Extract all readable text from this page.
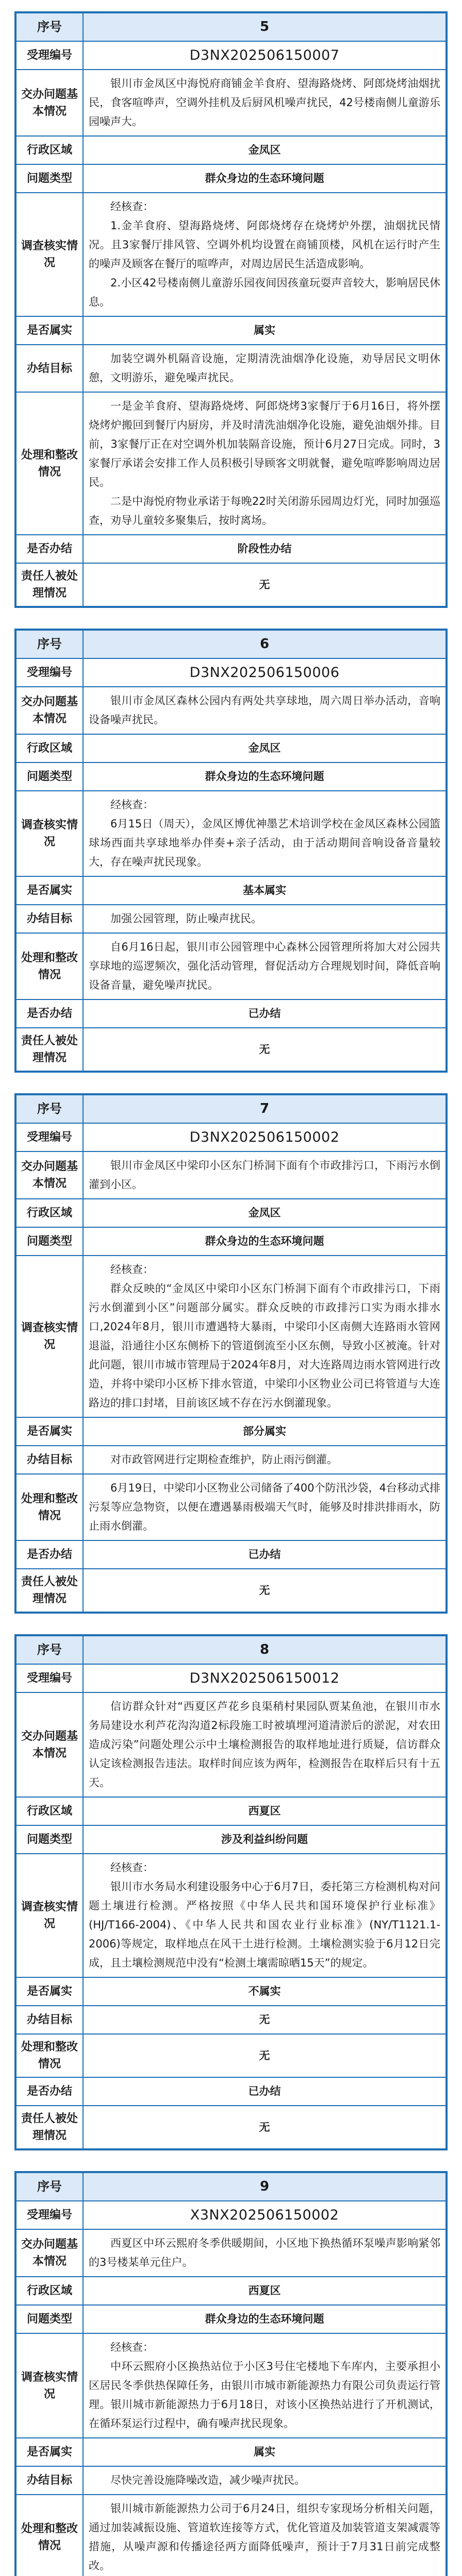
序号	5
受理编号	D3NX202506150007
交办问题基本情况	银川市金凤区中海悦府商铺金羊食府、望海路烧烤、阿郎烧烤油烟扰民，食客喧哗声，空调外挂机及后厨风机噪声扰民，42号楼南侧儿童游乐园噪声大。
行政区域	金凤区
问题类型	群众身边的生态环境问题
调查核实情况	经核查：

1.金羊食府、望海路烧烤、阿郎烧烤存在烧烤炉外摆，油烟扰民情况。且3家餐厅排风管、空调外机均设置在商铺顶楼，风机在运行时产生的噪声及顾客在餐厅的喧哗声，对周边居民生活造成影响。

2.小区42号楼南侧儿童游乐园夜间因孩童玩耍声音较大，影响居民休息。

是否属实	属实
办结目标	加装空调外机隔音设施，定期清洗油烟净化设施，劝导居民文明休憩，文明游乐，避免噪声扰民。
处理和整改情况	一是金羊食府、望海路烧烤、阿郎烧烤3家餐厅于6月16日，将外摆烧烤炉搬回到餐厅内厨房，并及时清洗油烟净化设施，避免油烟外排。目前，3家餐厅正在对空调外机加装隔音设施，预计6月27日完成。同时，3家餐厅承诺会安排工作人员积极引导顾客文明就餐，避免喧哗影响周边居民。

二是中海悦府物业承诺于每晚22时关闭游乐园周边灯光，同时加强巡查，劝导儿童较多聚集后，按时离场。

是否办结	阶段性办结
责任人被处理情况	无
序号	6
受理编号	D3NX202506150006
交办问题基本情况	银川市金凤区森林公园内有两处共享球地，周六周日举办活动，音响设备噪声扰民。
行政区域	金凤区
问题类型	群众身边的生态环境问题
调查核实情况	经核查：

6月15日（周天），金凤区博优神墨艺术培训学校在金凤区森林公园篮球场西面共享球地举办伴奏+亲子活动，由于活动期间音响设备音量较大，存在噪声扰民现象。

是否属实	基本属实
办结目标	加强公园管理，防止噪声扰民。
处理和整改情况	自6月16日起，银川市公园管理中心森林公园管理所将加大对公园共享球地的巡逻频次，强化活动管理，督促活动方合理规划时间，降低音响设备音量，避免噪声扰民。

是否办结	已办结
责任人被处理情况	无
序号	7
受理编号	D3NX202506150002
交办问题基本情况	银川市金凤区中梁印小区东门桥洞下面有个市政排污口，下雨污水倒灌到小区。
行政区域	金凤区
问题类型	群众身边的生态环境问题
调查核实情况	经核查：

群众反映的“金凤区中梁印小区东门桥洞下面有个市政排污口，下雨污水倒灌到小区”问题部分属实。群众反映的市政排污口实为雨水排水口,2024年8月，银川市遭遇特大暴雨，中梁印小区南侧大连路雨水管网退溢，沿通往小区东侧桥下的管道倒流至小区东侧，导致小区被淹。针对此问题，银川市城市管理局于2024年8月，对大连路周边雨水管网进行改造，并将中梁印小区桥下排水管道，中梁印小区物业公司已将管道与大连路边的排口封堵，目前该区域不存在污水倒灌现象。

是否属实	部分属实
办结目标	对市政管网进行定期检查维护，防止雨污倒灌。
处理和整改情况	6月19日，中梁印小区物业公司储备了400个防汛沙袋，4台移动式排污泵等应急物资，以便在遭遇暴雨极端天气时，能够及时排洪排雨水，防止雨水倒灌。

是否办结	已办结
责任人被处理情况	无
序号	8
受理编号	D3NX202506150012
交办问题基本情况	信访群众针对“西夏区芦花乡良渠稍村果园队贾某鱼池，在银川市水务局建设水利芦花沟沟道2标段施工时被填埋河道清淤后的淤泥，对农田造成污染”问题处理公示中土壤检测报告的取样地址进行质疑，信访群众认定该检测报告违法。取样时间应该为两年，检测报告在取样后只有十五天。
行政区域	西夏区
问题类型	涉及利益纠纷问题
调查核实情况	经核查：

银川市水务局水利建设服务中心于6月7日，委托第三方检测机构对问题土壤进行检测。严格按照《中华人民共和国环境保护行业标准》(HJ/T166-2004)、《中华人民共和国农业行业标准》(NY/T1121.1-2006)等规定，取样地点在风干土进行检测。土壤检测实验于6月12日完成，且土壤检测规范中没有“检测土壤需晾晒15天”的规定。

是否属实	不属实
办结目标	无
处理和整改情况	无

是否办结	已办结
责任人被处理情况	无
序号	9
受理编号	X3NX202506150002
交办问题基本情况	西夏区中环云熙府冬季供暖期间，小区地下换热循环泵噪声影响紧邻的3号楼某单元住户。
行政区域	西夏区
问题类型	群众身边的生态环境问题
调查核实情况	经核查：

中环云熙府小区换热站位于小区3号住宅楼地下车库内，主要承担小区居民冬季供热保障任务，由银川市城市新能源热力有限公司负责运行管理。银川城市新能源热力于6月18日，对该小区换热站进行了开机测试，在循环泵运行过程中，确有噪声扰民现象。

是否属实	属实
办结目标	尽快完善设施降噪改造，减少噪声扰民。
处理和整改情况	银川城市新能源热力公司于6月24日，组织专家现场分析相关问题，通过加装减振设施、管道软连接等方式，优化管道及加装管道支架减震等措施，从噪声源和传播途径两方面降低噪声，预计于7月31日前完成整改。
